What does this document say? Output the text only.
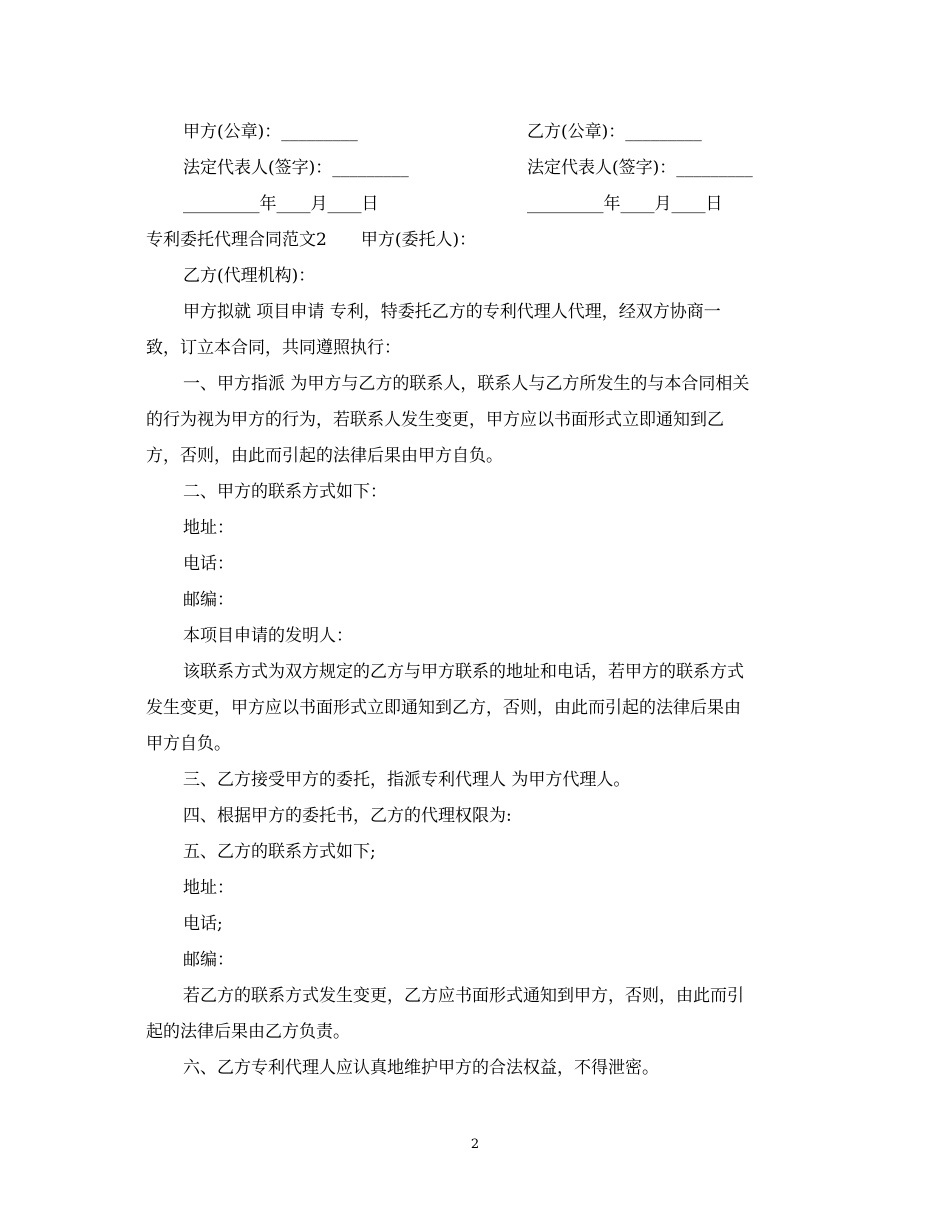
甲方(公章)：_________	乙方(公章)：_________
法定代表人(签字)：_________	法定代表人(签字)：_________
_________年____月____日	_________年____月____日
专利委托代理合同范文2　　甲方(委托人)：
乙方(代理机构)：
甲方拟就 项目申请 专利，特委托乙方的专利代理人代理，经双方协商一
致，订立本合同，共同遵照执行：
一、甲方指派 为甲方与乙方的联系人，联系人与乙方所发生的与本合同相关
的行为视为甲方的行为，若联系人发生变更，甲方应以书面形式立即通知到乙
方，否则，由此而引起的法律后果由甲方自负。
二、甲方的联系方式如下：
地址：
电话：
邮编：
本项目申请的发明人：
该联系方式为双方规定的乙方与甲方联系的地址和电话，若甲方的联系方式
发生变更，甲方应以书面形式立即通知到乙方，否则，由此而引起的法律后果由
甲方自负。
三、乙方接受甲方的委托，指派专利代理人 为甲方代理人。
四、根据甲方的委托书，乙方的代理权限为:
五、乙方的联系方式如下;
地址：
电话;
邮编：
若乙方的联系方式发生变更，乙方应书面形式通知到甲方，否则，由此而引
起的法律后果由乙方负责。
六、乙方专利代理人应认真地维护甲方的合法权益，不得泄密。
2
